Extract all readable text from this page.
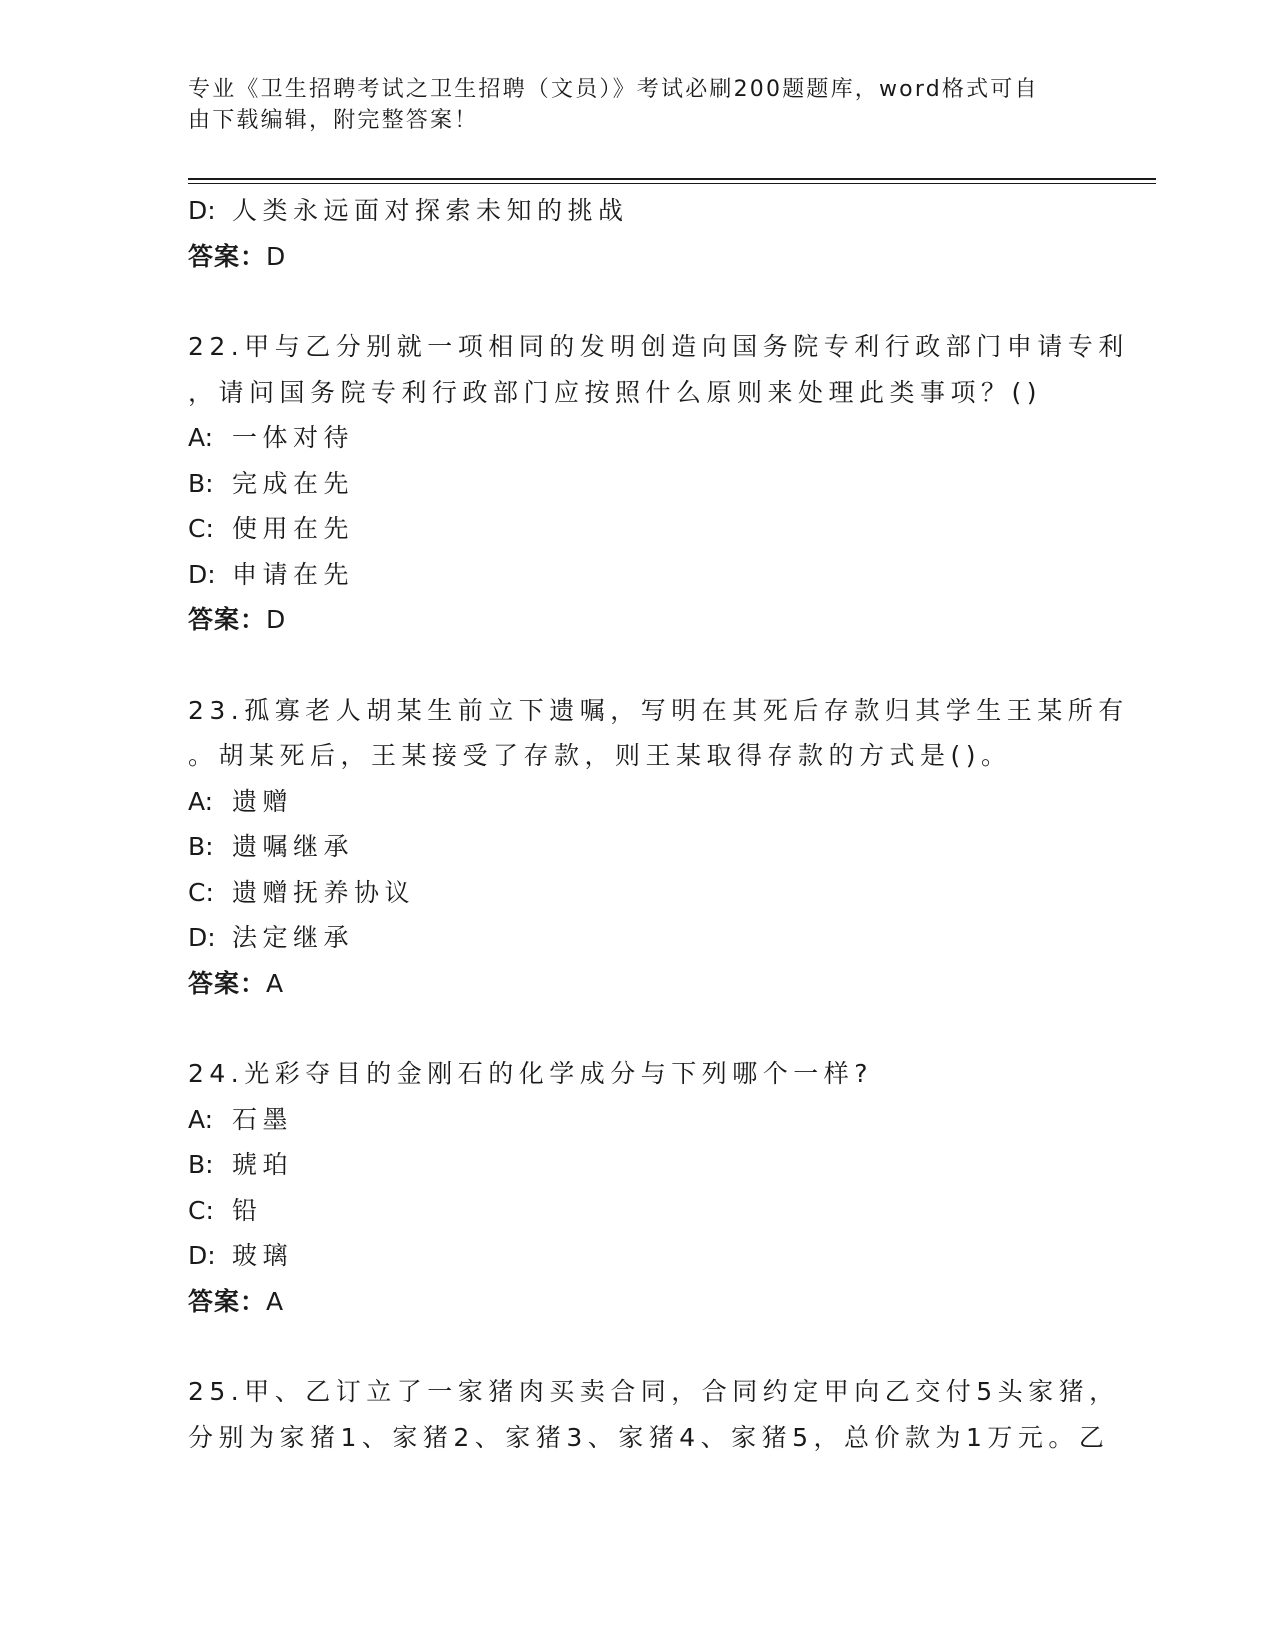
专业《卫生招聘考试之卫生招聘（文员）》考试必刷200题题库，word格式可自
由下载编辑，附完整答案！
D: 人类永远面对探索未知的挑战
答案：D
22.甲与乙分别就一项相同的发明创造向国务院专利行政部门申请专利
，请问国务院专利行政部门应按照什么原则来处理此类事项？()
A: 一体对待
B: 完成在先
C: 使用在先
D: 申请在先
答案：D
23.孤寡老人胡某生前立下遗嘱，写明在其死后存款归其学生王某所有
。胡某死后，王某接受了存款，则王某取得存款的方式是()。
A: 遗赠
B: 遗嘱继承
C: 遗赠抚养协议
D: 法定继承
答案：A
24.光彩夺目的金刚石的化学成分与下列哪个一样?
A: 石墨
B: 琥珀
C: 铅
D: 玻璃
答案：A
25.甲、乙订立了一家猪肉买卖合同，合同约定甲向乙交付5头家猪，
分别为家猪1、家猪2、家猪3、家猪4、家猪5，总价款为1万元。乙
